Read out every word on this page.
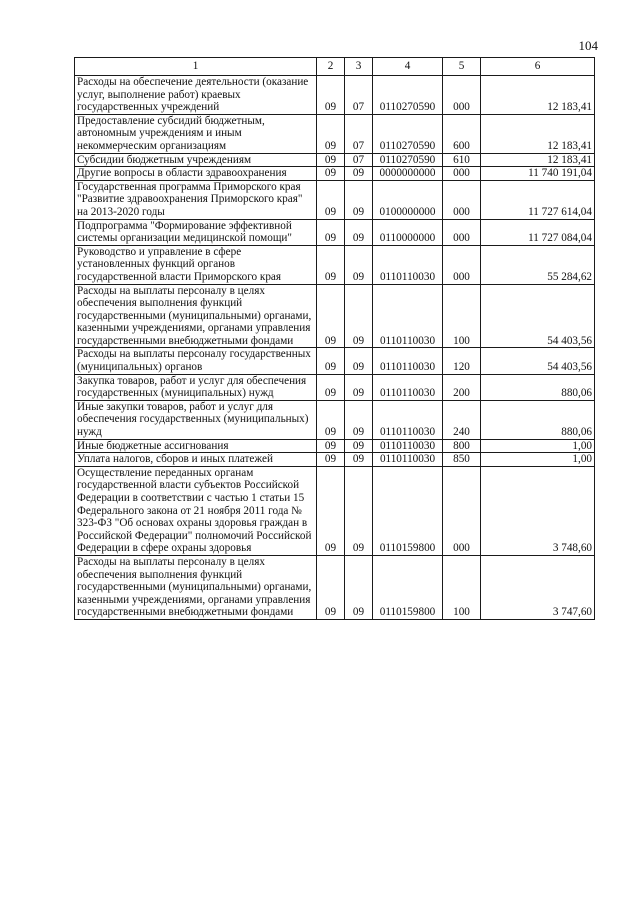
104
1	2	3	4	5	6
Расходы на обеспечение деятельности (оказание услуг, выполнение работ) краевых государственных учреждений	09	07	0110270590	000	12 183,41
Предоставление субсидий бюджетным, автономным учреждениям и иным некоммерческим организациям	09	07	0110270590	600	12 183,41
Субсидии бюджетным учреждениям	09	07	0110270590	610	12 183,41
Другие вопросы в области здравоохранения	09	09	0000000000	000	11 740 191,04
Государственная программа Приморского края "Развитие здравоохранения Приморского края" на 2013-2020 годы	09	09	0100000000	000	11 727 614,04
Подпрограмма "Формирование эффективной системы организации медицинской помощи"	09	09	0110000000	000	11 727 084,04
Руководство и управление в сфере установленных функций органов государственной власти Приморского края	09	09	0110110030	000	55 284,62
Расходы на выплаты персоналу в целях обеспечения выполнения функций государственными (муниципальными) органами, казенными учреждениями, органами управления государственными внебюджетными фондами	09	09	0110110030	100	54 403,56
Расходы на выплаты персоналу государственных (муниципальных) органов	09	09	0110110030	120	54 403,56
Закупка товаров, работ и услуг для обеспечения государственных (муниципальных) нужд	09	09	0110110030	200	880,06
Иные закупки товаров, работ и услуг для обеспечения государственных (муниципальных) нужд	09	09	0110110030	240	880,06
Иные бюджетные ассигнования	09	09	0110110030	800	1,00
Уплата налогов, сборов и иных платежей	09	09	0110110030	850	1,00
Осуществление переданных органам государственной власти субъектов Российской Федерации в соответствии с частью 1 статьи 15 Федерального закона от 21 ноября 2011 года № 323-ФЗ "Об основах охраны здоровья граждан в Российской Федерации" полномочий Российской Федерации в сфере охраны здоровья	09	09	0110159800	000	3 748,60
Расходы на выплаты персоналу в целях обеспечения выполнения функций государственными (муниципальными) органами, казенными учреждениями, органами управления государственными внебюджетными фондами	09	09	0110159800	100	3 747,60
